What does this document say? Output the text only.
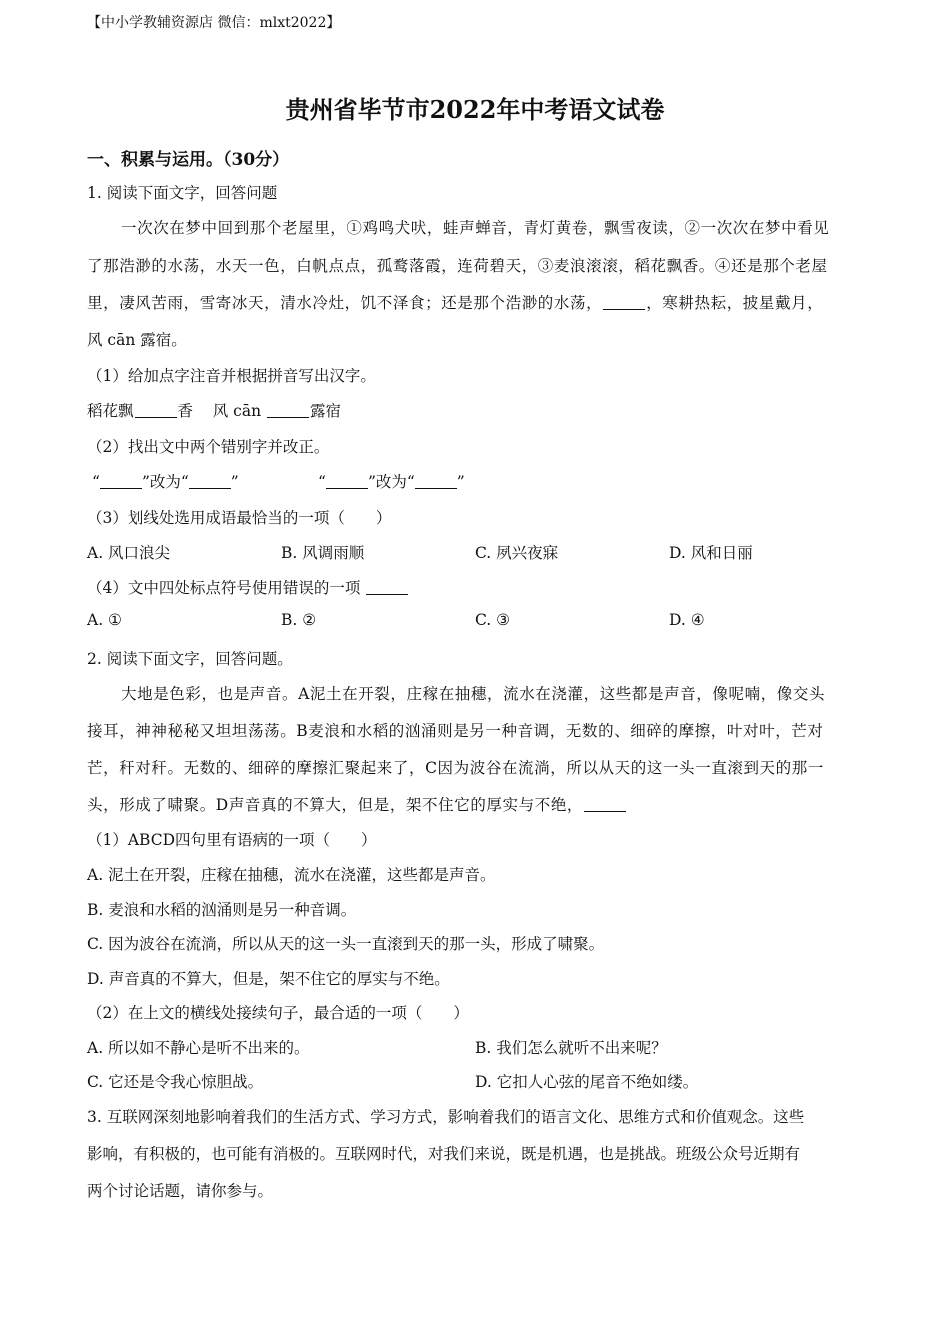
【中小学教辅资源店 微信：mlxt2022】
贵州省毕节市2022年中考语文试卷
一、积累与运用。（30分）
1. 阅读下面文字，回答问题
一次次在梦中回到那个老屋里，①鸡鸣犬吠，蛙声蝉音，青灯黄卷，飘雪夜读，②一次次在梦中看见
了那浩渺的水荡，水天一色，白帆点点，孤鹜落霞，连荷碧天，③麦浪滚滚，稻花飘香。④还是那个老屋
里，凄风苦雨，雪寄冰天，清水冷灶，饥不泽食；还是那个浩渺的水荡，	，寒耕热耘，披星戴月，
风 cān 露宿。
（1）给加点字注音并根据拼音写出汉字。
稻花飘	香 风 cān	露宿
（2）找出文中两个错别字并改正。
“	”改为“	”	“	”改为“	”
（3）划线处选用成语最恰当的一项（　　）
A. 风口浪尖	B. 风调雨顺	C. 夙兴夜寐	D. 风和日丽
（4）文中四处标点符号使用错误的一项
A. ①	B. ②	C. ③	D. ④
2. 阅读下面文字，回答问题。
大地是色彩，也是声音。A泥土在开裂，庄稼在抽穗，流水在浇灌，这些都是声音，像呢喃，像交头
接耳，神神秘秘又坦坦荡荡。B麦浪和水稻的汹涌则是另一种音调，无数的、细碎的摩擦，叶对叶，芒对
芒，秆对秆。无数的、细碎的摩擦汇聚起来了，C因为波谷在流淌，所以从天的这一头一直滚到天的那一
头，形成了啸聚。D声音真的不算大，但是，架不住它的厚实与不绝，
（1）ABCD四句里有语病的一项（　　）
A. 泥土在开裂，庄稼在抽穗，流水在浇灌，这些都是声音。
B. 麦浪和水稻的汹涌则是另一种音调。
C. 因为波谷在流淌，所以从天的这一头一直滚到天的那一头，形成了啸聚。
D. 声音真的不算大，但是，架不住它的厚实与不绝。
（2）在上文的横线处接续句子，最合适的一项（　　）
A. 所以如不静心是听不出来的。	B. 我们怎么就听不出来呢？
C. 它还是令我心惊胆战。	D. 它扣人心弦的尾音不绝如缕。
3. 互联网深刻地影响着我们的生活方式、学习方式，影响着我们的语言文化、思维方式和价值观念。这些
影响，有积极的，也可能有消极的。互联网时代，对我们来说，既是机遇，也是挑战。班级公众号近期有
两个讨论话题，请你参与。
